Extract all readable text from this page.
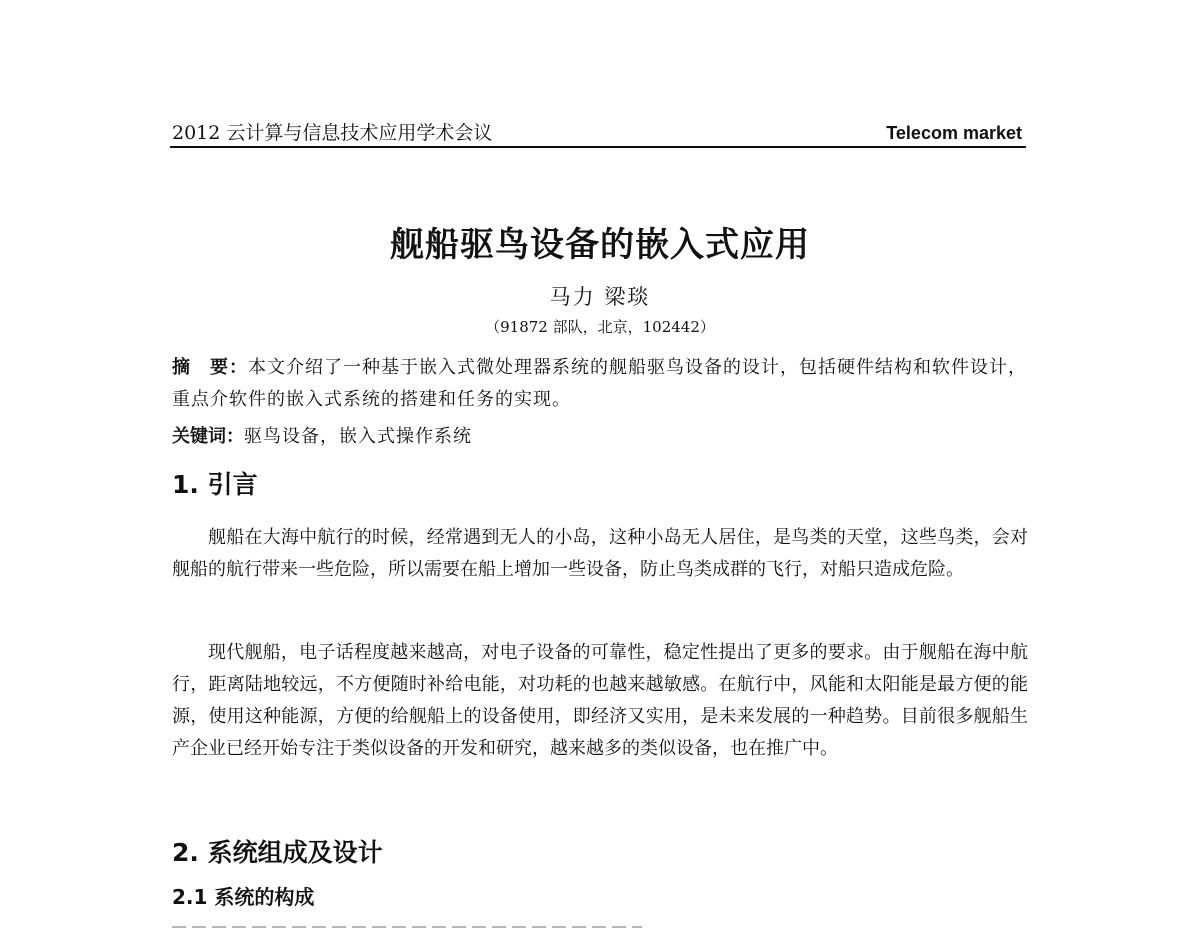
2012 云计算与信息技术应用学术会议	Telecom market
舰船驱鸟设备的嵌入式应用
马力 梁琰
（91872 部队，北京，102442）
摘　要：本文介绍了一种基于嵌入式微处理器系统的舰船驱鸟设备的设计，包括硬件结构和软件设计，重点介软件的嵌入式系统的搭建和任务的实现。
关键词：驱鸟设备，嵌入式操作系统
1. 引言
舰船在大海中航行的时候，经常遇到无人的小岛，这种小岛无人居住，是鸟类的天堂，这些鸟类，会对舰船的航行带来一些危险，所以需要在船上增加一些设备，防止鸟类成群的飞行，对船只造成危险。
现代舰船，电子话程度越来越高，对电子设备的可靠性，稳定性提出了更多的要求。由于舰船在海中航行，距离陆地较远，不方便随时补给电能，对功耗的也越来越敏感。在航行中，风能和太阳能是最方便的能源，使用这种能源，方便的给舰船上的设备使用，即经济又实用，是未来发展的一种趋势。目前很多舰船生产企业已经开始专注于类似设备的开发和研究，越来越多的类似设备，也在推广中。
2. 系统组成及设计
2.1 系统的构成
